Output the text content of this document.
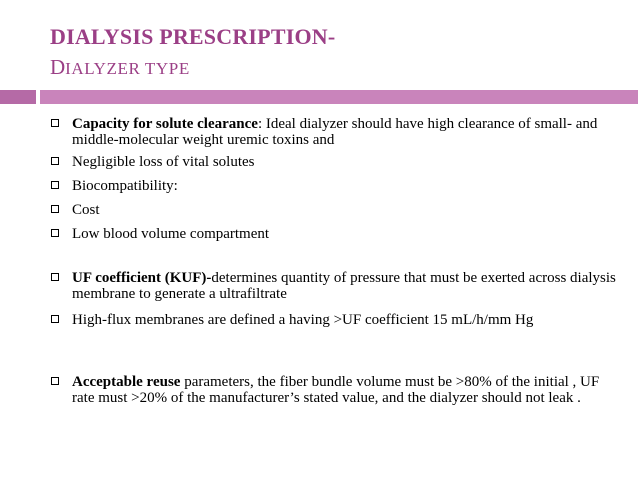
DIALYSIS PRESCRIPTION-
DIALYZER TYPE
Capacity for solute clearance: Ideal dialyzer should have high clearance of small- and middle-molecular weight uremic toxins and
Negligible loss of vital solutes
Biocompatibility:
Cost
Low blood volume compartment
UF coefficient (KUF)-determines quantity of pressure that must be exerted across dialysis membrane to generate a ultrafiltrate
High-flux membranes are defined a having >UF coefficient 15 mL/h/mm Hg
Acceptable reuse parameters, the fiber bundle volume must be >80% of the initial , UF rate must >20% of the manufacturer’s stated value, and the dialyzer should not leak .
